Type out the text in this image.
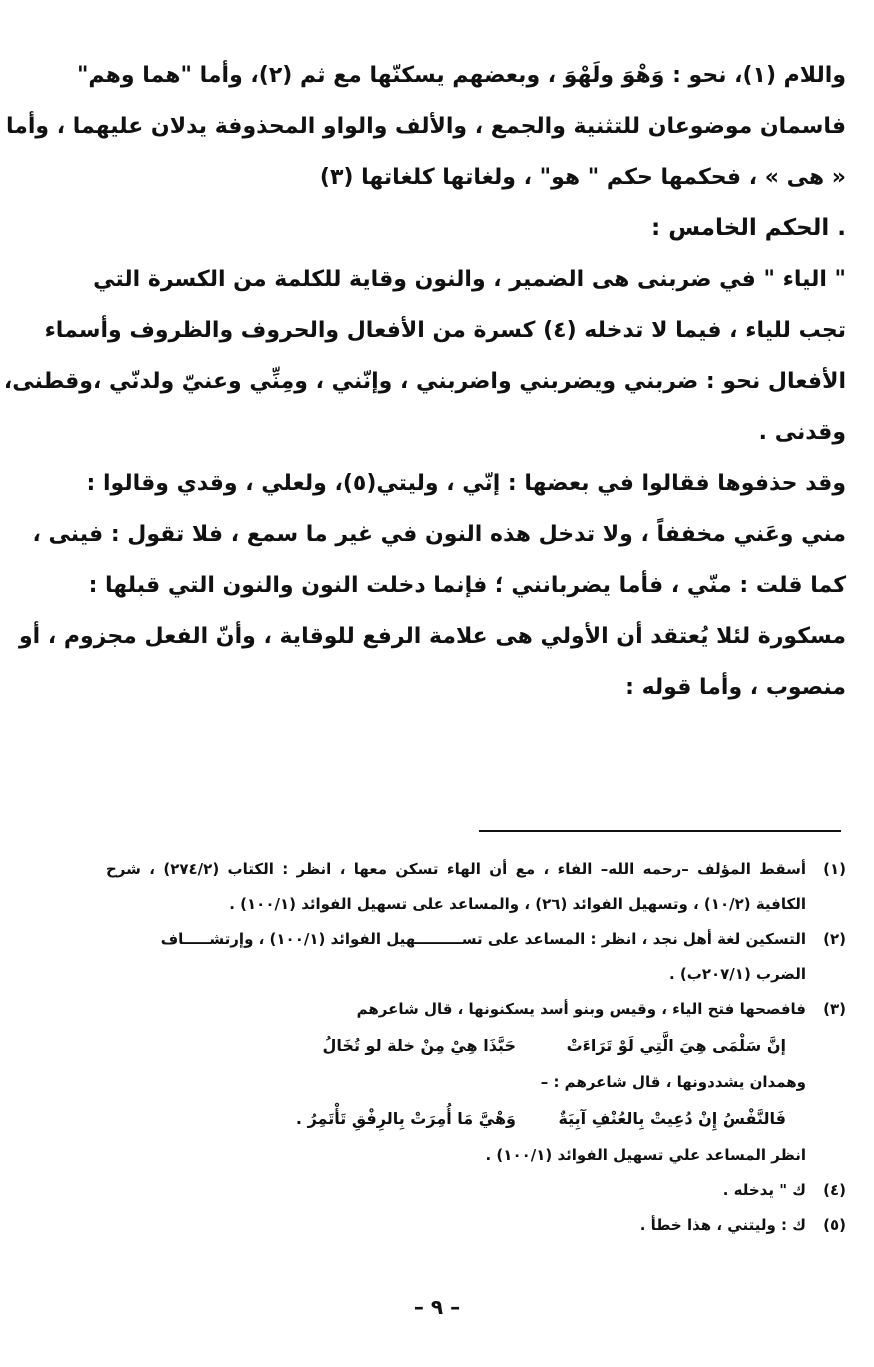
واللام (١)، نحو : وَهْوَ ولَهْوَ ، وبعضهم يسكنّها مع ثم (٢)، وأما "هما وهم"
فاسمان موضوعان للتثنية والجمع ، والألف والواو المحذوفة يدلان عليهما ، وأما
« هى » ، فحكمها حكم " هو" ، ولغاتها كلغاتها (٣)
. الحكم الخامس :
" الياء " في ضربنى هى الضمير ، والنون وقاية للكلمة من الكسرة التي
تجب للياء ، فيما لا تدخله (٤) كسرة من الأفعال والحروف والظروف وأسماء
الأفعال نحو : ضربني ويضربني واضربني ، وإنّني ، ومِنِّي وعنيّ ولدنّي ،وقطنى،
وقدنى .
وقد حذفوها فقالوا في بعضها : إنّي ، وليتي(٥)، ولعلي ، وقدي وقالوا :
مني وعَني مخففاً ، ولا تدخل هذه النون في غير ما سمع ، فلا تقول : فينى ،
كما قلت : منّي ، فأما يضربانني ؛ فإنما دخلت النون والنون التي قبلها :
مسكورة لئلا يُعتقد أن الأولي هى علامة الرفع للوقاية ، وأنّ الفعل مجزوم ، أو
منصوب ، وأما قوله :
(١)أسقط المؤلف –رحمه الله– الفاء ، مع أن الهاء تسكن معها ، انظر : الكتاب (٢٧٤/٢) ، شرح
الكافية (١٠/٢) ، وتسهيل الفوائد (٢٦) ، والمساعد على تسهيل الفوائد (١٠٠/١) .
(٢)التسكين لغة أهل نجد ، انظر : المساعد على تســـــــــهيل الفوائد (١٠٠/١) ، وإرتشـــــاف
الضرب (٢٠٧/١ب) .
(٣)فافصحها فتح الياء ، وقيس وبنو أسد يسكنونها ، قال شاعرهم
إنَّ سَلْمَى هِيَ الَّتِي لَوْ تَرَاءَتْحَبَّذَا هِيْ مِنْ خلة لو تُخَالُ
وهمدان يشددونها ، قال شاعرهم : –
فَالنَّفْسُ إِنْ دُعِيتْ بِالعُنْفِ آبِيَةٌوَهْيَّ مَا أُمِرَتْ بِالرِفْقِ تَأْتَمِرُ .
انظر المساعد علي تسهيل الفوائد (١٠٠/١) .
(٤)ك " يدخله .
(٥)ك : وليتني ، هذا خطأ .
– ٩ –
